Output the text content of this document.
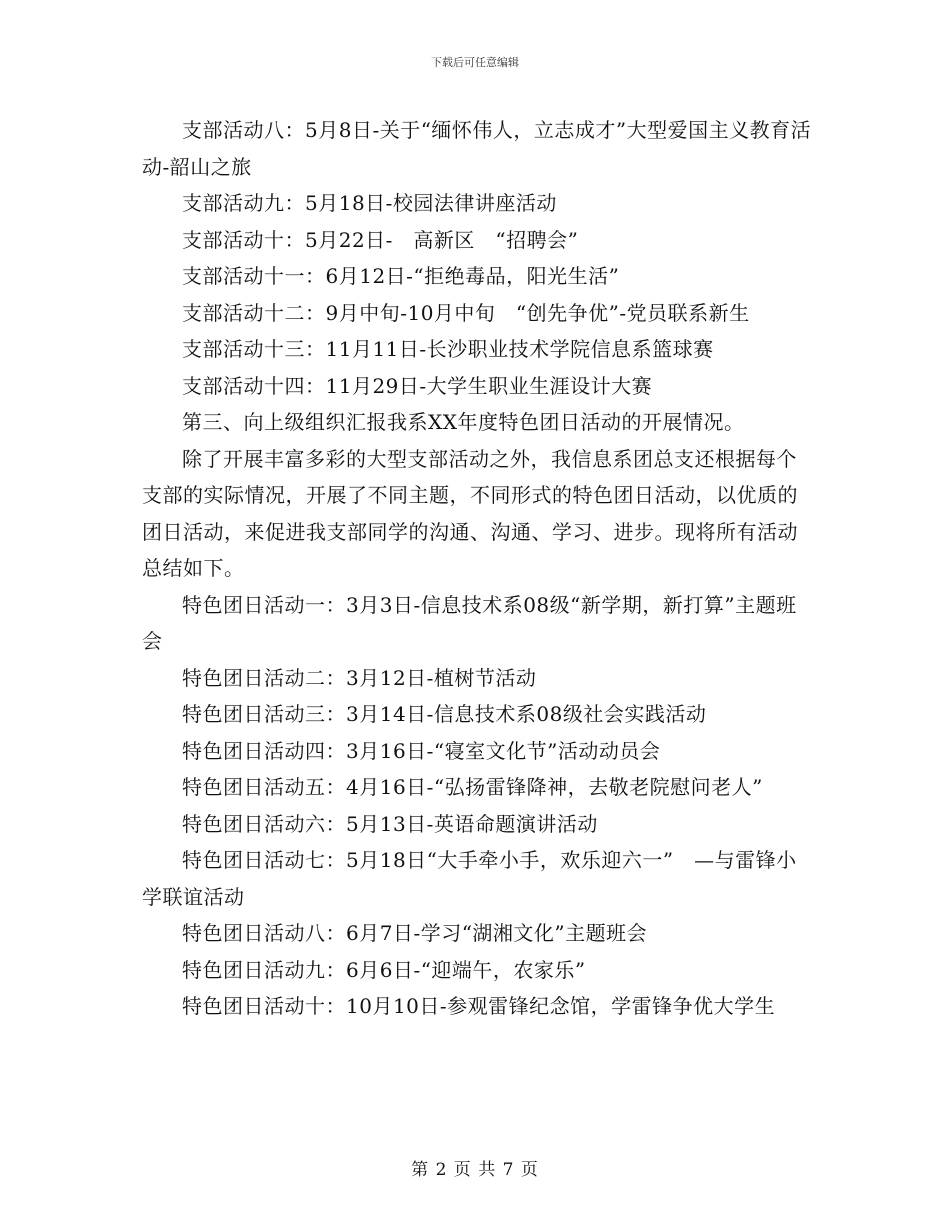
下载后可任意编辑

支部活动八：5月8日-关于“缅怀伟人，立志成才”大型爱国主义教育活动-韶山之旅

支部活动九：5月18日-校园法律讲座活动

支部活动十：5月22日-　高新区　“招聘会”

支部活动十一：6月12日-“拒绝毒品，阳光生活”

支部活动十二：9月中旬-10月中旬　“创先争优”-党员联系新生

支部活动十三：11月11日-长沙职业技术学院信息系篮球赛

支部活动十四：11月29日-大学生职业生涯设计大赛

第三、向上级组织汇报我系XX年度特色团日活动的开展情况。

除了开展丰富多彩的大型支部活动之外，我信息系团总支还根据每个支部的实际情况，开展了不同主题，不同形式的特色团日活动，以优质的团日活动，来促进我支部同学的沟通、沟通、学习、进步。现将所有活动总结如下。

特色团日活动一：3月3日-信息技术系08级“新学期，新打算”主题班会

特色团日活动二：3月12日-植树节活动

特色团日活动三：3月14日-信息技术系08级社会实践活动

特色团日活动四：3月16日-“寝室文化节”活动动员会

特色团日活动五：4月16日-“弘扬雷锋降神，去敬老院慰问老人”

特色团日活动六：5月13日-英语命题演讲活动

特色团日活动七：5月18日“大手牵小手，欢乐迎六一”　—与雷锋小学联谊活动

特色团日活动八：6月7日-学习“湖湘文化”主题班会

特色团日活动九：6月6日-“迎端午，农家乐”

特色团日活动十：10月10日-参观雷锋纪念馆，学雷锋争优大学生

第 2 页 共 7 页
